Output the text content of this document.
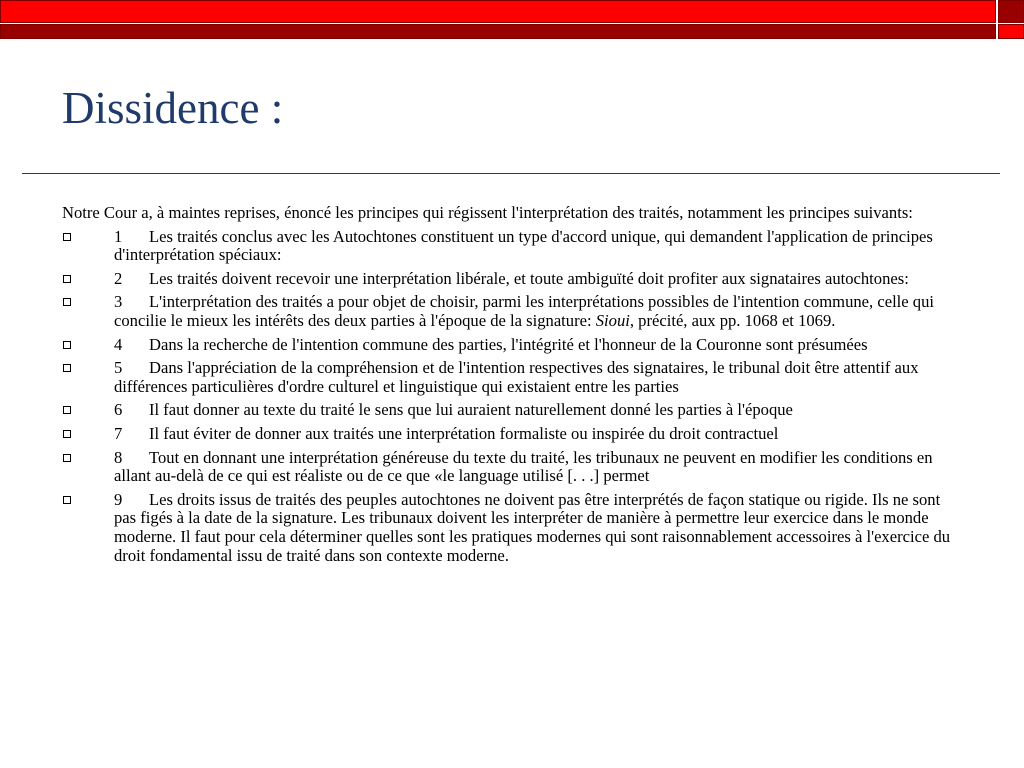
Dissidence :

Notre Cour a, à maintes reprises, énoncé les principes qui régissent l'interprétation des traités, notamment les principes suivants:

1 Les traités conclus avec les Autochtones constituent un type d'accord unique, qui demandent l'application de principes d'interprétation spéciaux:
2 Les traités doivent recevoir une interprétation libérale, et toute ambiguïté doit profiter aux signataires autochtones:
3 L'interprétation des traités a pour objet de choisir, parmi les interprétations possibles de l'intention commune, celle qui concilie le mieux les intérêts des deux parties à l'époque de la signature: Sioui, précité, aux pp. 1068 et 1069.
4 Dans la recherche de l'intention commune des parties, l'intégrité et l'honneur de la Couronne sont présumées
5 Dans l'appréciation de la compréhension et de l'intention respectives des signataires, le tribunal doit être attentif aux différences particulières d'ordre culturel et linguistique qui existaient entre les parties
6 Il faut donner au texte du traité le sens que lui auraient naturellement donné les parties à l'époque
7 Il faut éviter de donner aux traités une interprétation formaliste ou inspirée du droit contractuel
8 Tout en donnant une interprétation généreuse du texte du traité, les tribunaux ne peuvent en modifier les conditions en allant au-delà de ce qui est réaliste ou de ce que «le language utilisé [. . .] permet
9 Les droits issus de traités des peuples autochtones ne doivent pas être interprétés de façon statique ou rigide. Ils ne sont pas figés à la date de la signature. Les tribunaux doivent les interpréter de manière à permettre leur exercice dans le monde moderne. Il faut pour cela déterminer quelles sont les pratiques modernes qui sont raisonnablement accessoires à l'exercice du droit fondamental issu de traité dans son contexte moderne.
